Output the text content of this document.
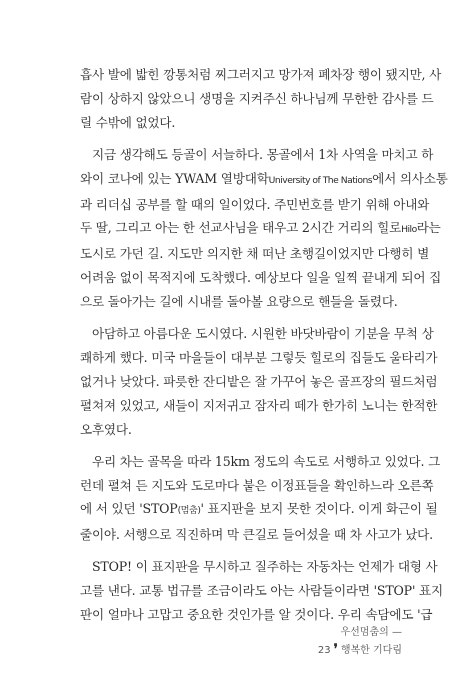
흡사 발에 밟힌 깡통처럼 찌그러지고 망가져 폐차장 행이 됐지만, 사
람이 상하지 않았으니 생명을 지켜주신 하나님께 무한한 감사를 드
릴 수밖에 없었다.

지금 생각해도 등골이 서늘하다. 몽골에서 1차 사역을 마치고 하
와이 코나에 있는 YWAM 열방대학University of The Nations에서 의사소통
과 리더십 공부를 할 때의 일이었다. 주민번호를 받기 위해 아내와
두 딸, 그리고 아는 한 선교사님을 태우고 2시간 거리의 힐로Hilo라는
도시로 가던 길. 지도만 의지한 채 떠난 초행길이었지만 다행히 별
어려움 없이 목적지에 도착했다. 예상보다 일을 일찍 끝내게 되어 집
으로 돌아가는 길에 시내를 돌아볼 요량으로 핸들을 돌렸다.

아담하고 아름다운 도시였다. 시원한 바닷바람이 기분을 무척 상
쾌하게 했다. 미국 마을들이 대부분 그렇듯 힐로의 집들도 울타리가
없거나 낮았다. 파릇한 잔디밭은 잘 가꾸어 놓은 골프장의 필드처럼
펼쳐져 있었고, 새들이 지저귀고 잠자리 떼가 한가히 노니는 한적한
오후였다.

우리 차는 골목을 따라 15km 정도의 속도로 서행하고 있었다. 그
런데 펼쳐 든 지도와 도로마다 붙은 이정표들을 확인하느라 오른쪽
에 서 있던 'STOP(멈춤)' 표지판을 보지 못한 것이다. 이게 화근이 될
줄이야. 서행으로 직진하며 막 큰길로 들어섰을 때 차 사고가 났다.

STOP! 이 표지판을 무시하고 질주하는 자동차는 언제가 대형 사
고를 낸다. 교통 법규를 조금이라도 아는 사람들이라면 'STOP' 표지
판이 얼마나 고맙고 중요한 것인가를 알 것이다. 우리 속담에도 '급

우선멈춤의 —
23 ❜ 행복한 기다림
